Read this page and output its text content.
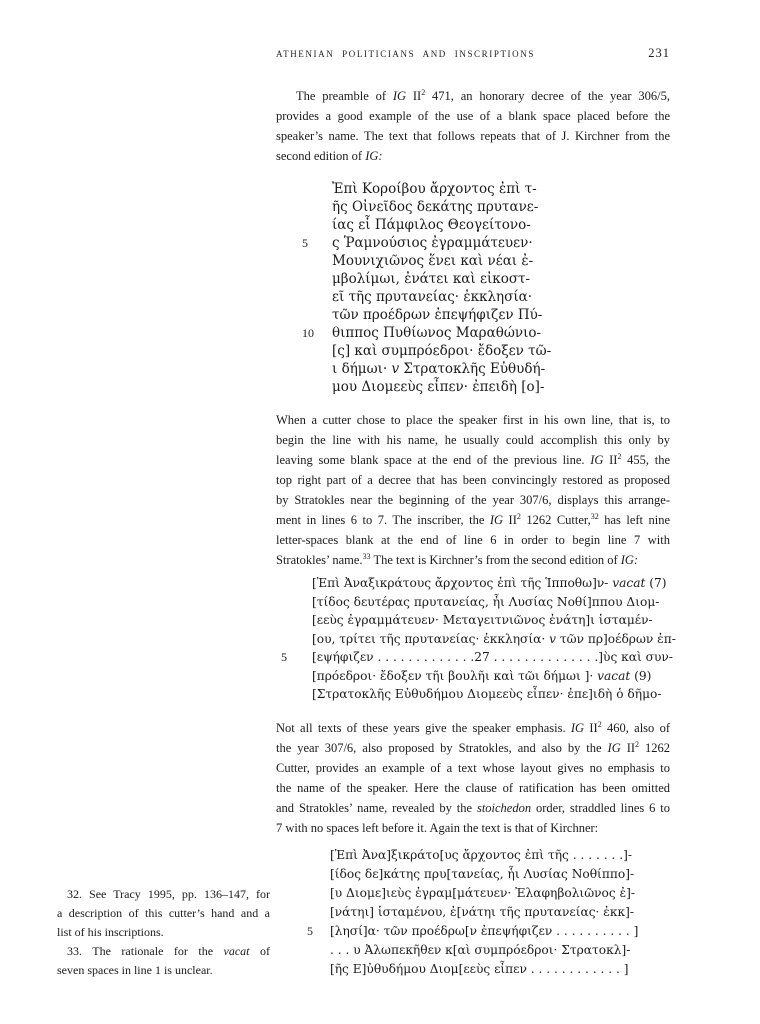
ATHENIAN POLITICIANS AND INSCRIPTIONS	231
The preamble of IG $II^2$ 471, an honorary decree of the year 306/5,
provides a good example of the use of a blank space placed before the
speaker’s name. The text that follows repeats that of J. Kirchner from the
second edition of IG:
Ἐπὶ Κοροίβου ἄρχοντος ἐπὶ τ-
ῆς Οἰνεῖδος δεκάτης πρυτανε-
ίας εἷ Πάμφιλος Θεογείτονο-
5 ς Ῥαμνούσιος ἐγραμμάτευεν·
Μουνιχιῶνος ἕνει καὶ νέαι ἐ-
μβολίμωι, ἐνάτει καὶ εἰκοστ-
εῖ τῆς πρυτανείας· ἐκκλησία·
τῶν προέδρων ἐπεψήφιζεν Πύ-
10 θιππος Πυθίωνος Μαραθώνιο-
[ς] καὶ συμπρόεδροι· ἔδοξεν τῶ-
ι δήμωι· v Στρατοκλῆς Εὐθυδή-
μου Διομεεὺς εἶπεν· ἐπειδὴ [ο]-
When a cutter chose to place the speaker first in his own line, that is, to
begin the line with his name, he usually could accomplish this only by
leaving some blank space at the end of the previous line. IG $II^2$ 455, the
top right part of a decree that has been convincingly restored as proposed
by Stratokles near the beginning of the year 307/6, displays this arrange-
ment in lines 6 to 7. The inscriber, the IG $II^2$ 1262 Cutter,$^{32}$ has left nine
letter-spaces blank at the end of line 6 in order to begin line 7 with
Stratokles’ name.$^{33}$ The text is Kirchner’s from the second edition of IG:
[Ἐπὶ Ἀναξικράτους ἄρχοντος ἐπὶ τῆς Ἱπποθω]ν- vacat (7)
[τίδος δευτέρας πρυτανείας, ἧι Λυσίας Νοθί]ππου Διομ-
[εεὺς ἐγραμμάτευεν· Μεταγειτνιῶνος ἐνάτη]ι ἱσταμέν-
[ου, τρίτει τῆς πρυτανείας· ἐκκλησία· v τῶν πρ]οέδρων ἐπ-
5 [εψήφιζεν . . . . . . . . . . . . .27 . . . . . . . . . . . . . .]ὺς καὶ συν-
[πρόεδροι· ἔδοξεν τῆι βουλῆι καὶ τῶι δήμωι ]· vacat (9)
[Στρατοκλῆς Εὐθυδήμου Διομεεὺς εἶπεν· ἐπε]ιδὴ ὁ δῆμο-
Not all texts of these years give the speaker emphasis. IG $II^2$ 460, also of
the year 307/6, also proposed by Stratokles, and also by the IG $II^2$ 1262
Cutter, provides an example of a text whose layout gives no emphasis to
the name of the speaker. Here the clause of ratification has been omitted
and Stratokles’ name, revealed by the stoichedon order, straddled lines 6 to
7 with no spaces left before it. Again the text is that of Kirchner:
[Ἐπὶ Ἀνα]ξικράτο[υς ἄρχοντος ἐπὶ τῆς . . . . . . .]-
[ίδος δε]κάτης πρυ[τανείας, ἧι Λυσίας Νοθίππο]-
[υ Διομε]ιεὺς ἐγραμ[μάτευεν· Ἐλαφηβολιῶνος ἐ]-
[νάτηι] ἱσταμένου, ἐ[νάτηι τῆς πρυτανείας· ἐκκ]-
5 [λησί]α· τῶν προέδρω[ν ἐπεψήφιζεν . . . . . . . . . . ]
. . . υ Ἀλωπεκῆθεν κ[αὶ συμπρόεδροι· Στρατοκλ]-
[ῆς Ε]ὐθυδήμου Διομ[εεὺς εἶπεν . . . . . . . . . . . . ]
32. See Tracy 1995, pp. 136–147, for
a description of this cutter’s hand and a
list of his inscriptions.
33. The rationale for the vacat of
seven spaces in line 1 is unclear.
